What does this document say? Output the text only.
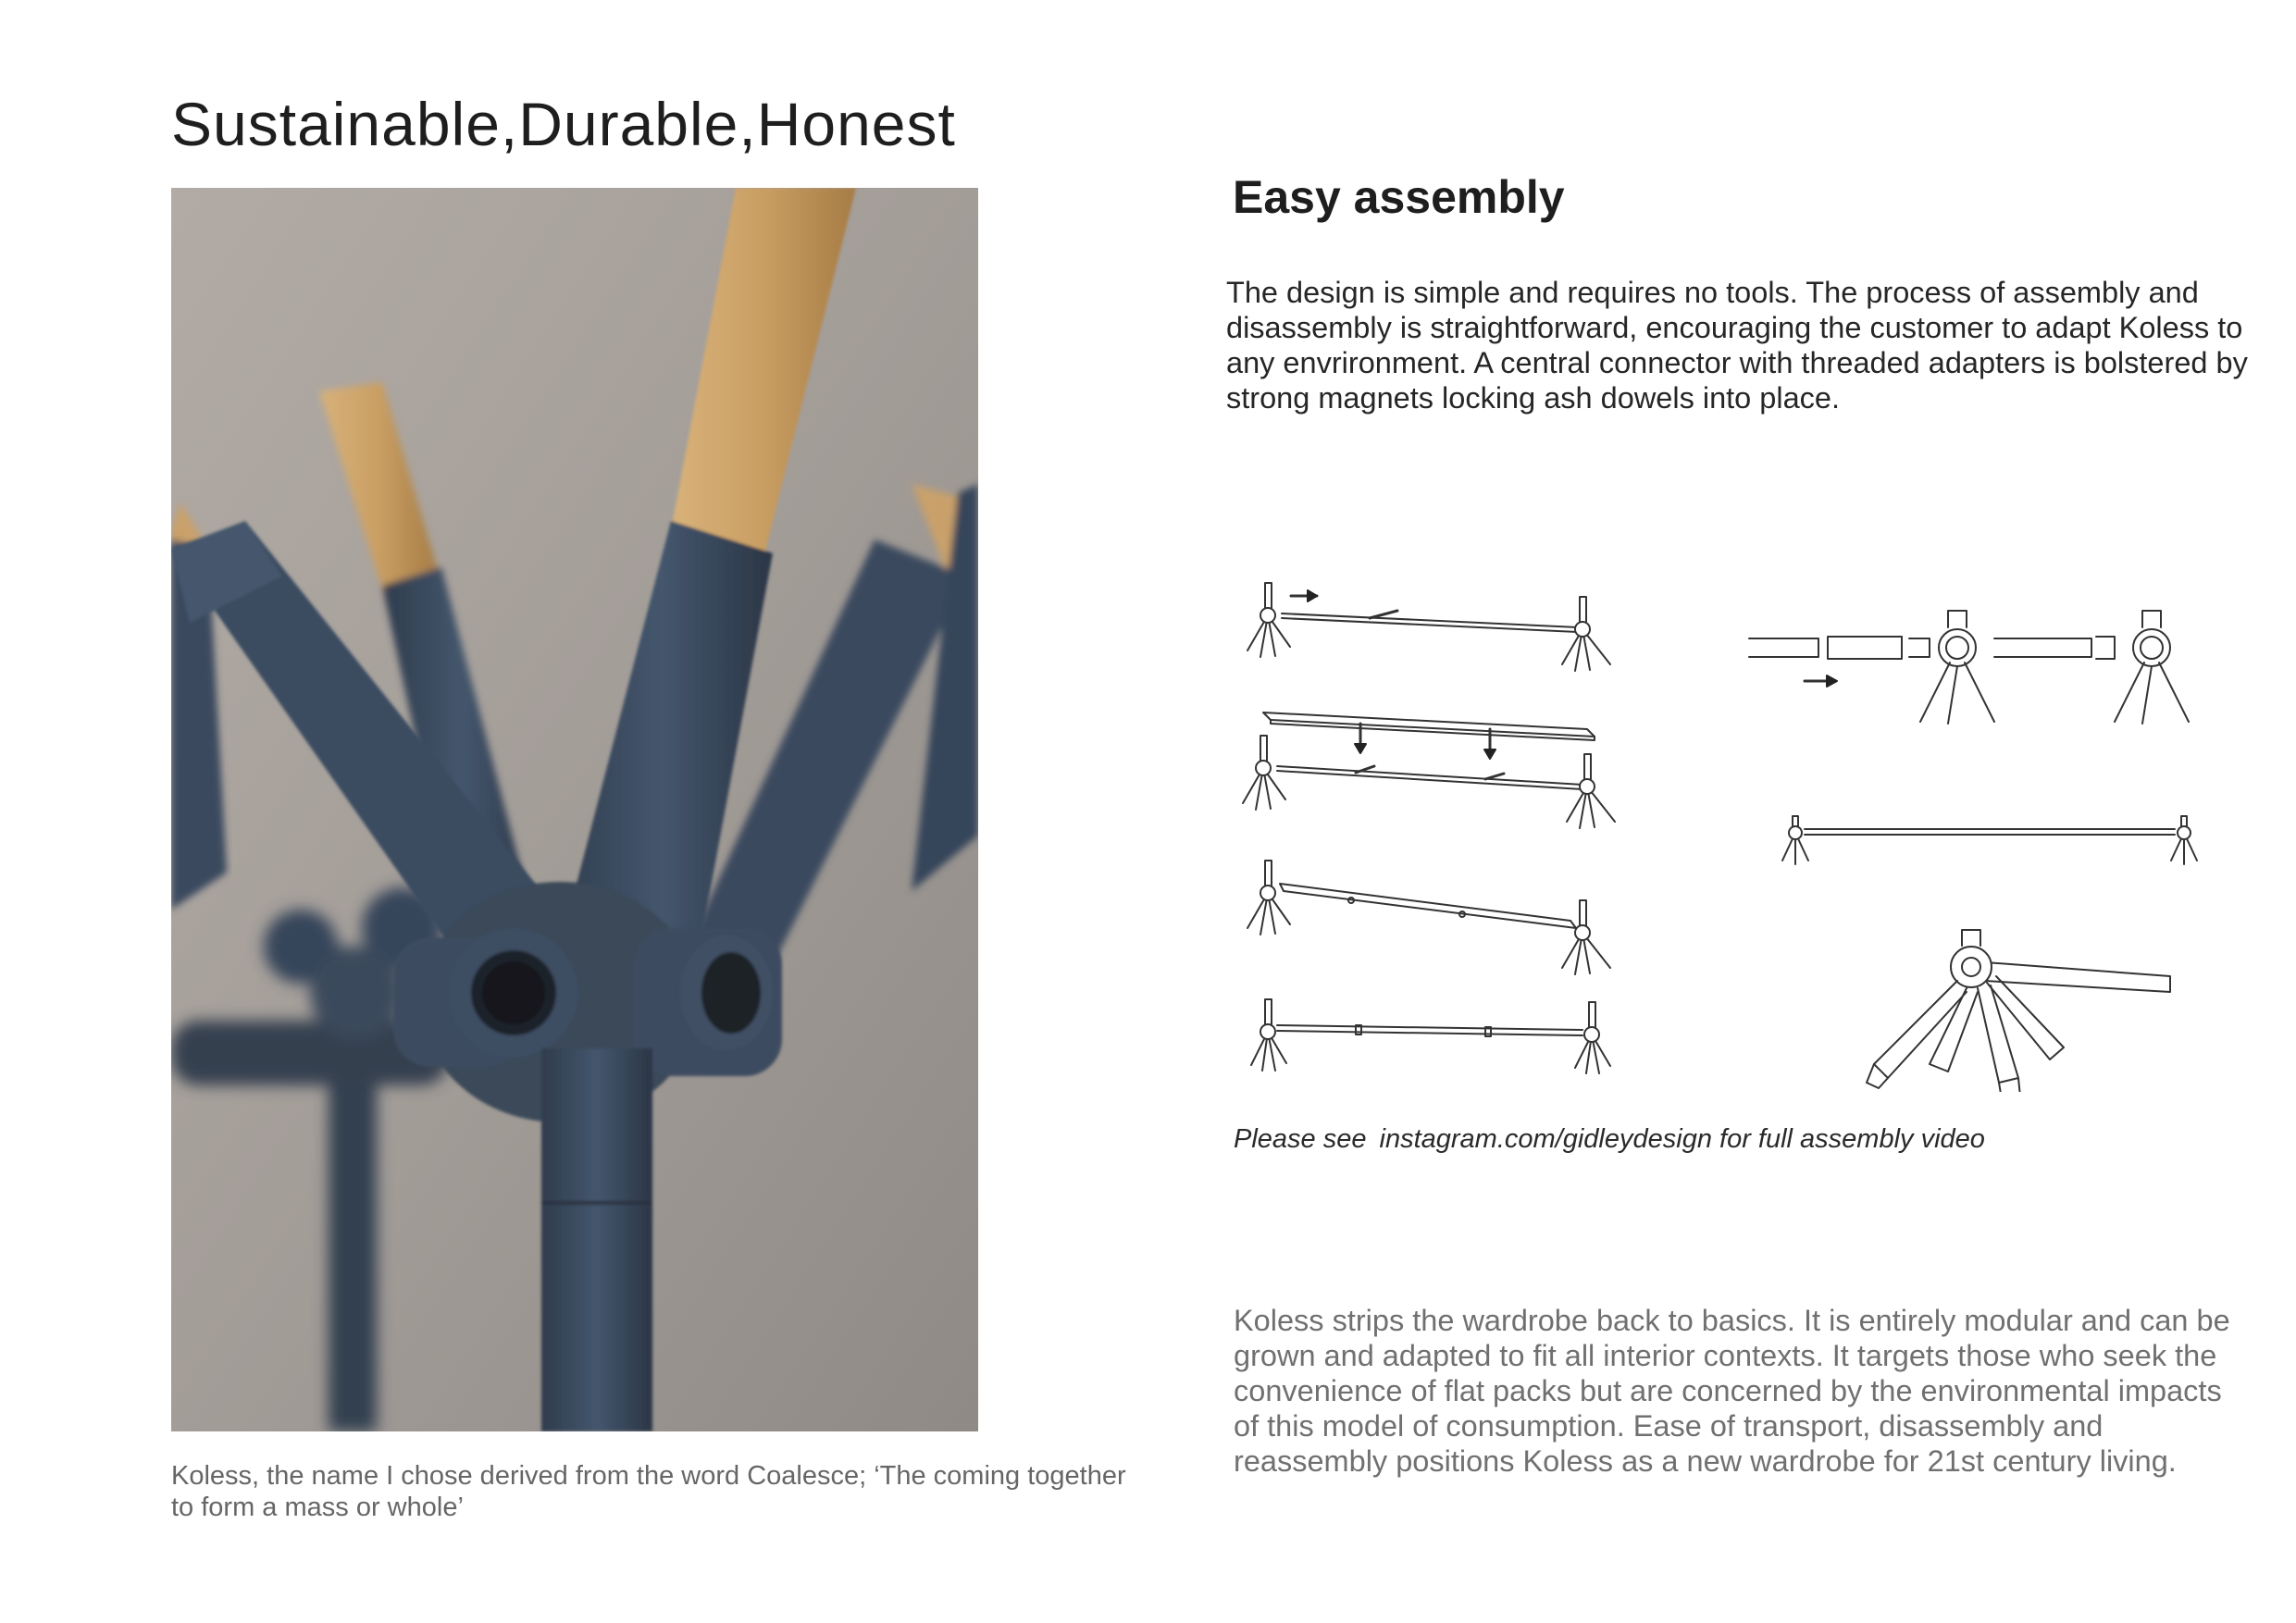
Sustainable,Durable,Honest
Koless, the name I chose derived from the word Coalesce; ‘The coming together to form a mass or whole’
Easy assembly
The design is simple and requires no tools. The process of assembly and disassembly is straightforward, encouraging the customer to adapt Koless to any envrironment. A central connector with threaded adapters is bolstered by strong magnets locking ash dowels into place.
Please see instagram.com/gidleydesign for full assembly video
Koless strips the wardrobe back to basics. It is entirely modular and can be grown and adapted to fit all interior contexts. It targets those who seek the convenience of flat packs but are concerned by the environmental impacts of this model of consumption. Ease of transport, disassembly and reassembly positions Koless as a new wardrobe for 21st century living.
